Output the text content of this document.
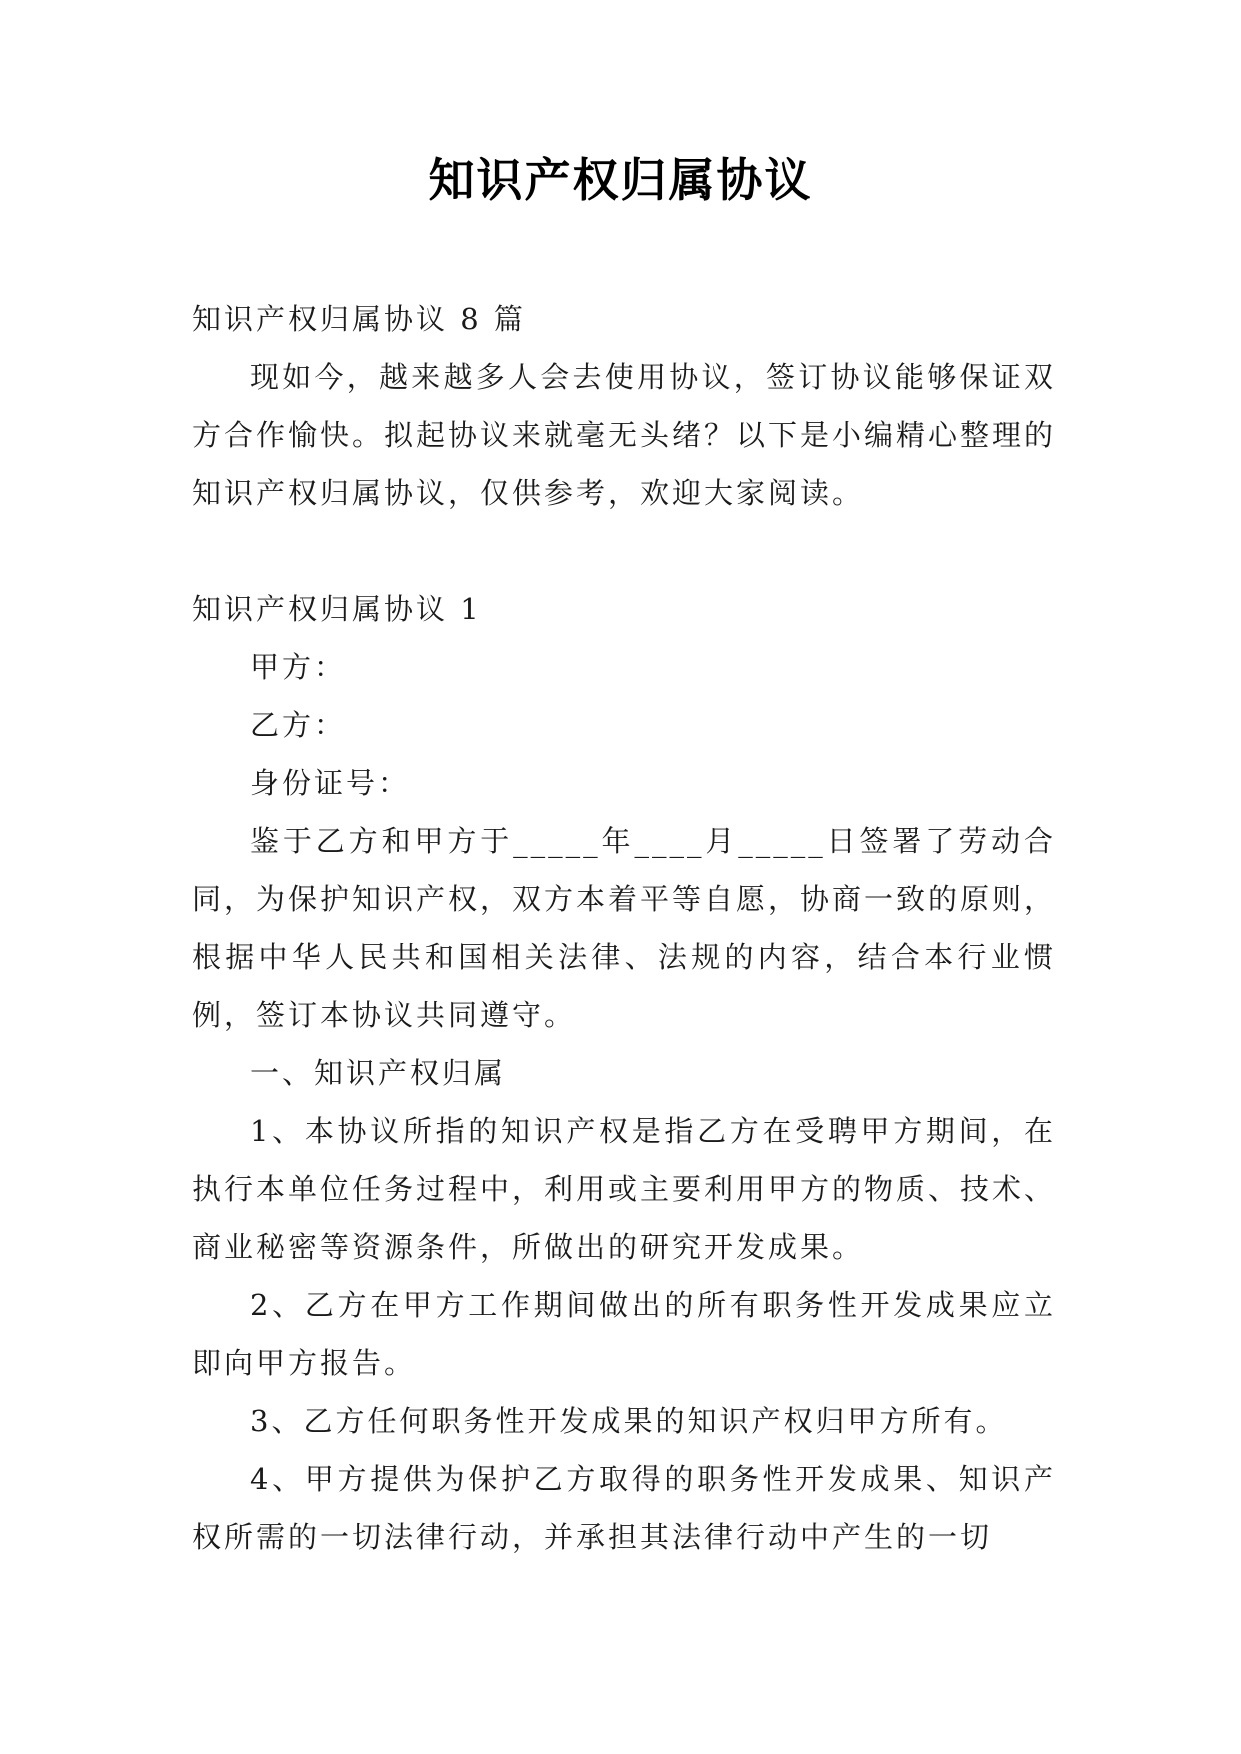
知识产权归属协议

知识产权归属协议 8 篇

现如今，越来越多人会去使用协议，签订协议能够保证双方合作愉快。拟起协议来就毫无头绪？以下是小编精心整理的知识产权归属协议，仅供参考，欢迎大家阅读。

知识产权归属协议 1

甲方：

乙方：

身份证号：

鉴于乙方和甲方于_____年____月_____日签署了劳动合同，为保护知识产权，双方本着平等自愿，协商一致的原则，根据中华人民共和国相关法律、法规的内容，结合本行业惯例，签订本协议共同遵守。

一、知识产权归属

1、本协议所指的知识产权是指乙方在受聘甲方期间，在执行本单位任务过程中，利用或主要利用甲方的物质、技术、商业秘密等资源条件，所做出的研究开发成果。

2、乙方在甲方工作期间做出的所有职务性开发成果应立即向甲方报告。

3、乙方任何职务性开发成果的知识产权归甲方所有。

4、甲方提供为保护乙方取得的职务性开发成果、知识产权所需的一切法律行动，并承担其法律行动中产生的一切
